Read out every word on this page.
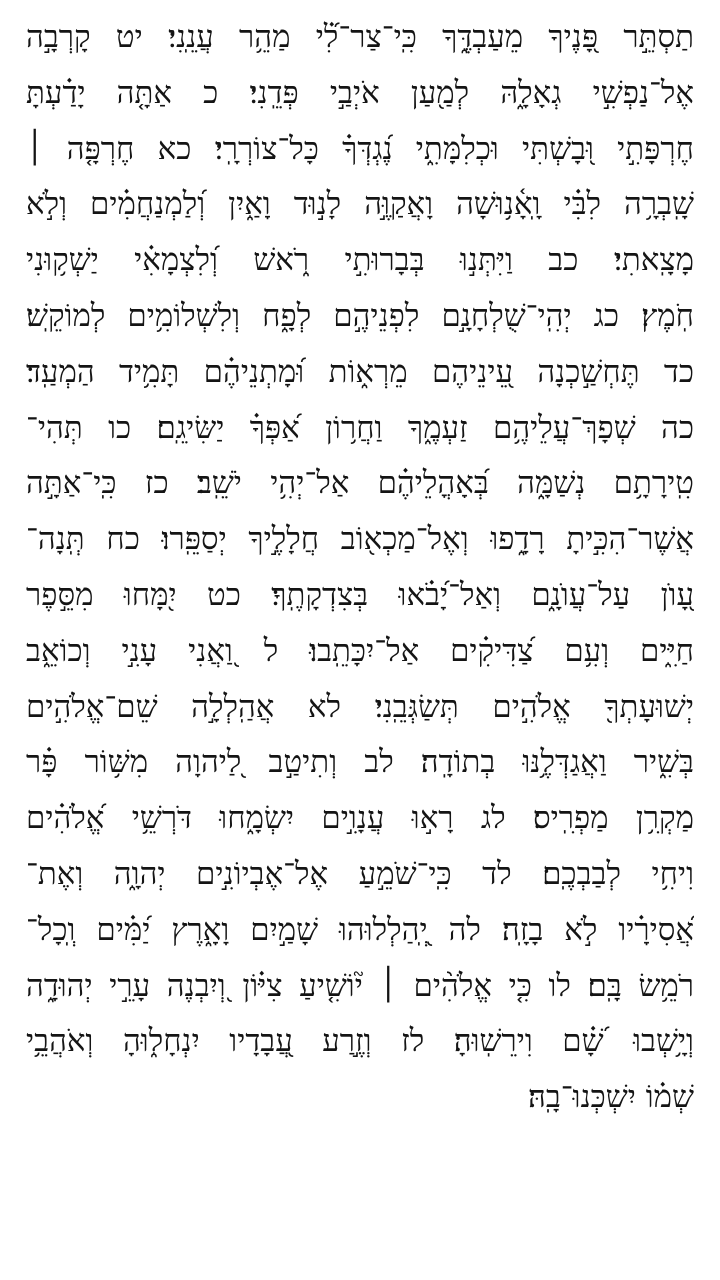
תַסְתֵּ֣ר פָּ֭נֶיךָ מֵעַבְדֶּ֑ךָ כִּֽי־צַר־לִ֝֗י מַהֵ֥ר עֲנֵֽנִי׃ יט קָרְבָ֣ה
אֶל־נַפְשִׁ֣י גְאָלָ֑הּ לְמַ֖עַן אֹיְבַ֣י פְּדֵֽנִי׃ כ אַתָּ֤ה יָדַ֗עְתָּ
חֶרְפָּתִ֣י וּ֭בָשְׁתִּי וּכְלִמָּתִ֑י נֶ֝גְדְּךָ֗ כָּל־צוֹרְרָֽי׃ כא חֶרְפָּ֤ה ׀
שָֽׁבְרָ֥ה לִבִּ֗י וָֽאָ֫נ֥וּשָׁה וָאֲקַוֶּ֣ה לָנ֣וּד וָאַ֑יִן וְ֝לַמְנַחֲמִ֗ים וְלֹ֣א
מָצָֽאתִי׃ כב וַיִּתְּנ֣וּ בְּבָרוּתִ֣י רֹ֑אשׁ וְ֝לִצְמָאִ֗י יַשְׁק֥וּנִי
חֹֽמֶץ׃ כג יְהִֽי־שֻׁלְחָנָ֣ם לִפְנֵיהֶ֣ם לְפָ֑ח וְלִשְׁלוֹמִ֥ים לְמוֹקֵֽשׁ׃
כד תֶּחְשַׁ֣כְנָה עֵ֭ינֵיהֶם מֵרְא֑וֹת וּ֝מָתְנֵיהֶ֗ם תָּמִ֥יד הַמְעַֽד׃
כה שְׁפָךְ־עֲלֵיהֶ֥ם זַעְמֶ֑ךָ וַחֲר֥וֹן אַ֝פְּךָ֗ יַשִּׂיגֵֽם׃ כו תְּהִי־
טִֽירָתָ֥ם נְשַׁמָּ֑ה בְּ֝אָהֳלֵיהֶ֗ם אַל־יְהִ֥י יֹשֵֽׁב׃ כז כִּֽי־אַתָּ֣ה
אֲשֶׁר־הִכִּ֣יתָ רָדָ֑פוּ וְאֶל־מַכְא֖וֹב חֲלָלֶ֣יךָ יְסַפֵּֽרוּ׃ כח תְּֽנָה־
עָ֭וֺן עַל־עֲוֺנָ֑ם וְאַל־יָ֝בֹ֗אוּ בְּצִדְקָתֶֽךָ׃ כט יִ֭מָּחוּ מִסֵּ֣פֶר
חַיִּ֑ים וְעִ֥ם צַ֝דִּיקִ֗ים אַל־יִכָּתֵֽבוּ׃ ל וַ֭אֲנִי עָנִ֣י וְכוֹאֵ֑ב
יְשׁוּעָתְךָ֖ אֱלֹהִ֣ים תְּשַׂגְּבֵֽנִי׃ לא אֲהַֽלְלָ֣ה שֵׁם־אֱלֹהִ֣ים
בְּשִׁ֑יר וַאֲגַדְּלֶ֥נּוּ בְתוֹדָֽה׃ לב וְתִיטַ֣ב לַ֭יהוָה מִשּׁ֥וֹר פָּ֗ר
מַקְרִ֥ן מַפְרִֽיס׃ לג רָא֣וּ עֲנָוִ֣ים יִשְׂמָ֑חוּ דֹּרְשֵׁ֥י אֱ֝לֹהִ֗ים
וִיחִ֥י לְבַבְכֶֽם׃ לד כִּֽי־שֹׁמֵ֣עַ אֶל־אֶבְיוֹנִ֣ים יְהוָ֑ה וְאֶת־
אֲ֝סִירָ֗יו לֹ֣א בָזָֽה׃ לה יְֽ֭הַלְלוּהוּ שָׁמַ֣יִם וָאָ֑רֶץ יַ֝מִּ֗ים וְֽכָל־
רֹמֵ֥שׂ בָּֽם׃ לו כִּ֤י אֱלֹהִ֨ים ׀ י֘וֹשִׁ֤יעַ צִיּ֗וֹן וְ֭יִבְנֶה עָרֵ֣י יְהוּדָ֑ה
וְיָ֥שְׁבוּ שָׁ֝֗ם וִירֵשֽׁוּהָ׃ לז וְזֶ֣רַע עֲ֭בָדָיו יִנְחָל֑וּהָ וְאֹהֲבֵ֥י
שְׁ֝מ֗וֹ יִשְׁכְּנוּ־בָֽהּ׃
